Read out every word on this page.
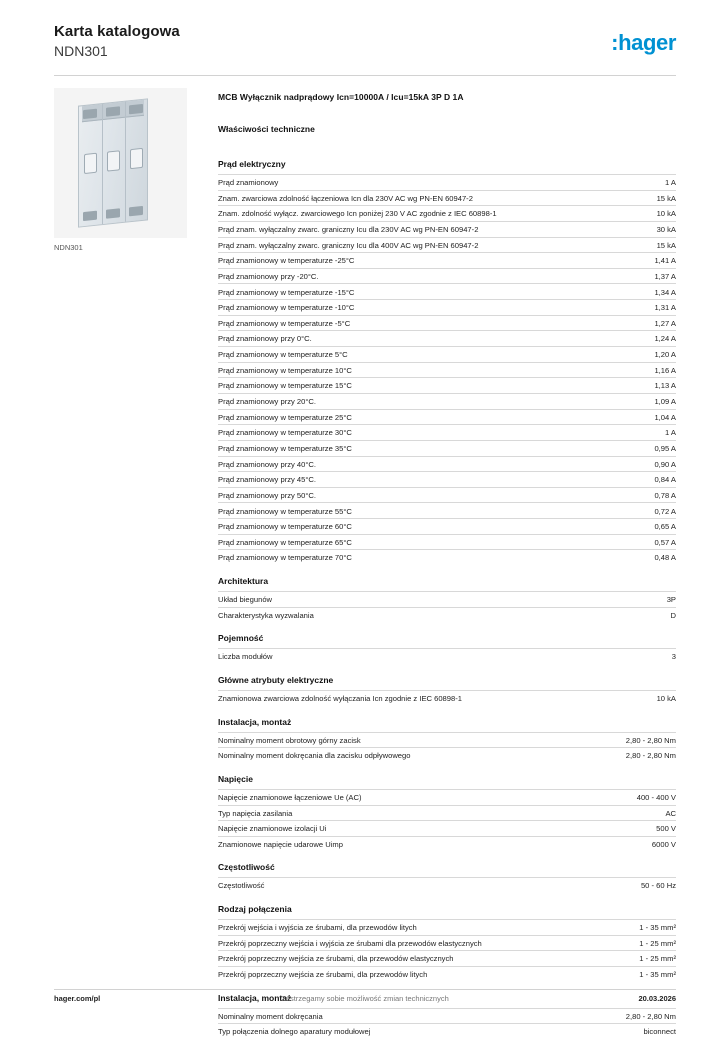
Karta katalogowa
NDN301	:hager
NDN301
MCB Wyłącznik nadprądowy Icn=10000A / Icu=15kA 3P D 1A
Właściwości techniczne
Prąd elektryczny
Prąd znamionowy	1 A
Znam. zwarciowa zdolność łączeniowa Icn dla 230V AC wg PN-EN 60947-2	15 kA
Znam. zdolność wyłącz. zwarciowego Icn poniżej 230 V AC zgodnie z IEC 60898-1	10 kA
Prąd znam. wyłączalny zwarc. graniczny Icu dla 230V AC wg PN-EN 60947-2	30 kA
Prąd znam. wyłączalny zwarc. graniczny Icu dla 400V AC wg PN-EN 60947-2	15 kA
Prąd znamionowy w temperaturze -25°C	1,41 A
Prąd znamionowy przy -20°C.	1,37 A
Prąd znamionowy w temperaturze -15°C	1,34 A
Prąd znamionowy w temperaturze -10°C	1,31 A
Prąd znamionowy w temperaturze -5°C	1,27 A
Prąd znamionowy przy 0°C.	1,24 A
Prąd znamionowy w temperaturze 5°C	1,20 A
Prąd znamionowy w temperaturze 10°C	1,16 A
Prąd znamionowy w temperaturze 15°C	1,13 A
Prąd znamionowy przy 20°C.	1,09 A
Prąd znamionowy w temperaturze 25°C	1,04 A
Prąd znamionowy w temperaturze 30°C	1 A
Prąd znamionowy w temperaturze 35°C	0,95 A
Prąd znamionowy przy 40°C.	0,90 A
Prąd znamionowy przy 45°C.	0,84 A
Prąd znamionowy przy 50°C.	0,78 A
Prąd znamionowy w temperaturze 55°C	0,72 A
Prąd znamionowy w temperaturze 60°C	0,65 A
Prąd znamionowy w temperaturze 65°C	0,57 A
Prąd znamionowy w temperaturze 70°C	0,48 A
Architektura
Układ biegunów	3P
Charakterystyka wyzwalania	D
Pojemność
Liczba modułów	3
Główne atrybuty elektryczne
Znamionowa zwarciowa zdolność wyłączania Icn zgodnie z IEC 60898-1	10 kA
Instalacja, montaż
Nominalny moment obrotowy górny zacisk	2,80 - 2,80 Nm
Nominalny moment dokręcania dla zacisku odpływowego	2,80 - 2,80 Nm
Napięcie
Napięcie znamionowe łączeniowe Ue (AC)	400 - 400 V
Typ napięcia zasilania	AC
Napięcie znamionowe izolacji Ui	500 V
Znamionowe napięcie udarowe Uimp	6000 V
Częstotliwość
Częstotliwość	50 - 60 Hz
Rodzaj połączenia
Przekrój wejścia i wyjścia ze śrubami, dla przewodów litych	1 - 35 mm²
Przekrój poprzeczny wejścia i wyjścia ze śrubami dla przewodów elastycznych	1 - 25 mm²
Przekrój poprzeczny wejścia ze śrubami, dla przewodów elastycznych	1 - 25 mm²
Przekrój poprzeczny wejścia ze śrubami, dla przewodów litych	1 - 35 mm²
Instalacja, montaż
Nominalny moment dokręcania	2,80 - 2,80 Nm
Typ połączenia dolnego aparatury modułowej	biconnect
hager.com/pl	Zastrzegamy sobie możliwość zmian technicznych	20.03.2026
